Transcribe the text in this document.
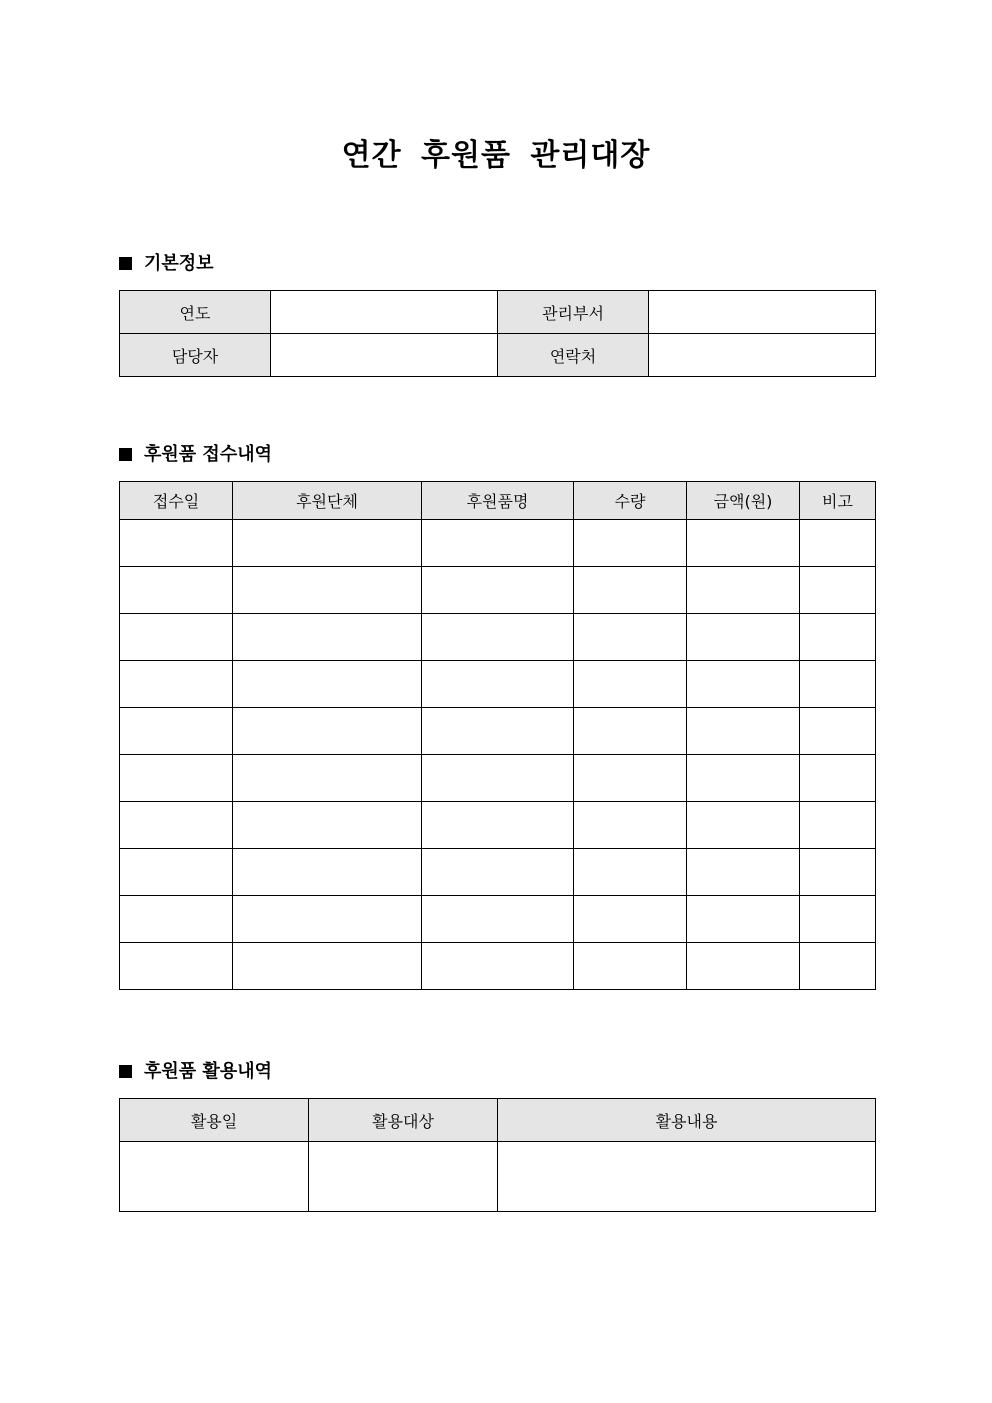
연간 후원품 관리대장
기본정보
연도		관리부서	
담당자		연락처	
후원품 접수내역
접수일	후원단체	후원품명	수량	금액(원)	비고

후원품 활용내역
활용일	활용대상	활용내용
